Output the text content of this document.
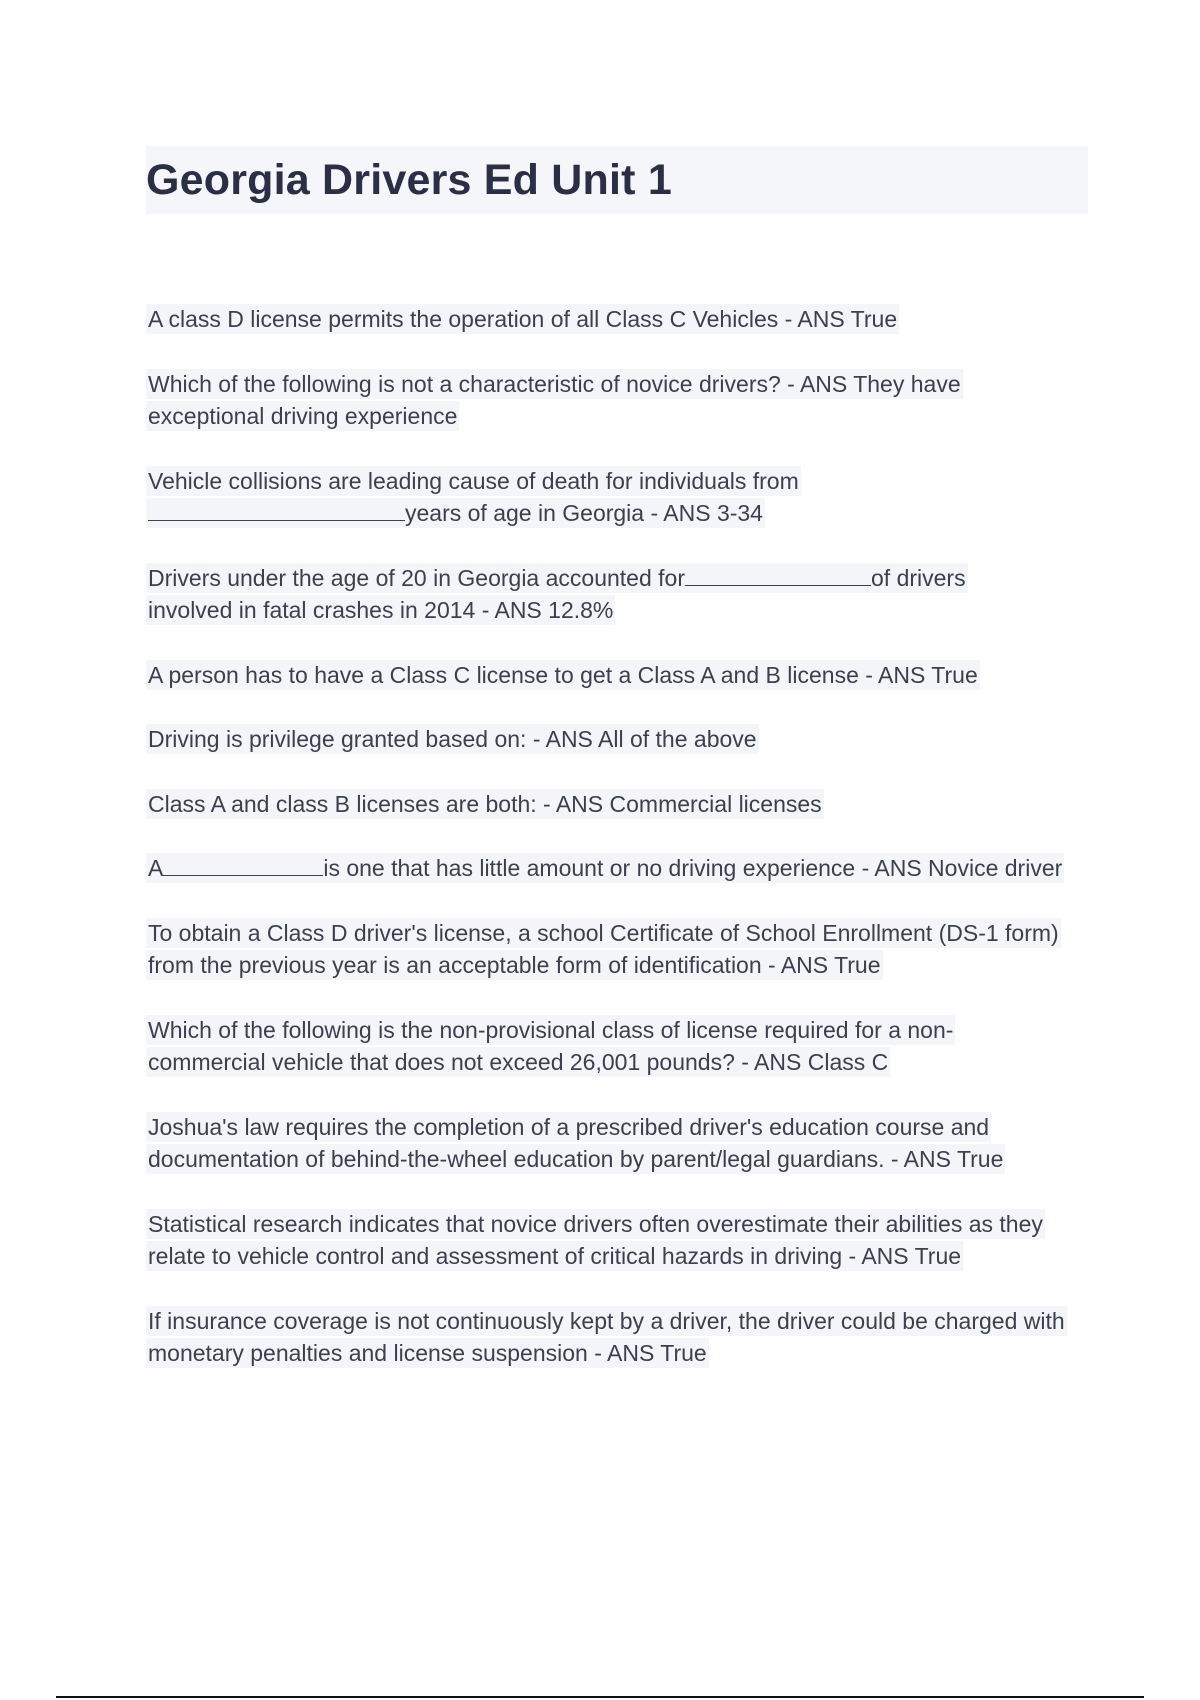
Georgia Drivers Ed Unit 1
A class D license permits the operation of all Class C Vehicles - ANS True
Which of the following is not a characteristic of novice drivers? - ANS They have exceptional driving experience
Vehicle collisions are leading cause of death for individuals from
years of age in Georgia - ANS 3-34
Drivers under the age of 20 in Georgia accounted for	of drivers involved in fatal crashes in 2014 - ANS 12.8%
A person has to have a Class C license to get a Class A and B license - ANS True
Driving is privilege granted based on: - ANS All of the above
Class A and class B licenses are both: - ANS Commercial licenses
A	is one that has little amount or no driving experience - ANS Novice driver
To obtain a Class D driver's license, a school Certificate of School Enrollment (DS-1 form) from the previous year is an acceptable form of identification - ANS True
Which of the following is the non-provisional class of license required for a non-commercial vehicle that does not exceed 26,001 pounds? - ANS Class C
Joshua's law requires the completion of a prescribed driver's education course and documentation of behind-the-wheel education by parent/legal guardians. - ANS True
Statistical research indicates that novice drivers often overestimate their abilities as they relate to vehicle control and assessment of critical hazards in driving - ANS True
If insurance coverage is not continuously kept by a driver, the driver could be charged with monetary penalties and license suspension - ANS True
